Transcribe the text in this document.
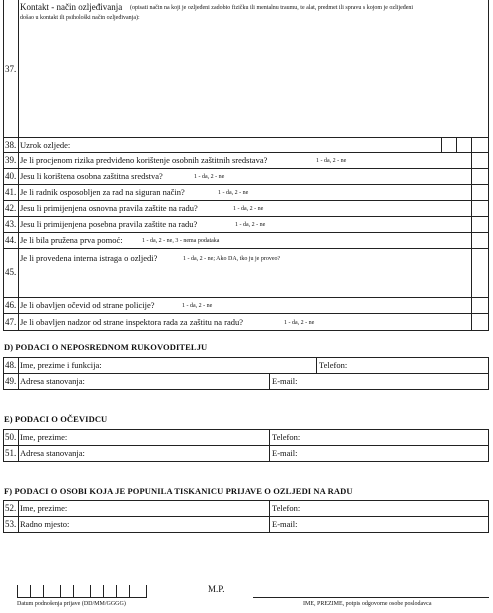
37.
Kontakt - način ozljeđivanja (opisati način na koji je ozljeđeni zadobio fizičku ili mentalnu traumu, te alat, predmet ili spravu s kojom je ozlijeđeni
došao u kontakt ili psihološki način ozljeđivanja):
38. Uzrok ozljede:
39. Je li procjenom rizika predviđeno korištenje osobnih zaštitnih sredstava?	1 - da, 2 - ne
40. Jesu li korištena osobna zaštitna sredstva?	1 - da, 2 - ne
41. Je li radnik osposobljen za rad na siguran način?	1 - da, 2 - ne
42. Jesu li primijenjena osnovna pravila zaštite na radu?	1 - da, 2 - ne
43. Jesu li primijenjena posebna pravila zaštite na radu?	1 - da, 2 - ne
44. Je li bila pružena prva pomoć:	1 - da, 2 - ne, 3 - nema podataka
45.
Je li provedena interna istraga o ozljedi?	1 - da, 2 - ne; Ako DA, tko ju je proveo?
46. Je li obavljen očevid od strane policije?	1 - da, 2 - ne
47. Je li obavljen nadzor od strane inspektora rada za zaštitu na radu?	1 - da, 2 - ne
D) PODACI O NEPOSREDNOM RUKOVODITELJU
48. Ime, prezime i funkcija:	Telefon:
49. Adresa stanovanja:	E-mail:
E) PODACI O OČEVIDCU
50. Ime, prezime:	Telefon:
51. Adresa stanovanja:	E-mail:
F) PODACI O OSOBI KOJA JE POPUNILA TISKANICU PRIJAVE O OZLJEDI NA RADU
52. Ime, prezime:	Telefon:
53. Radno mjesto:	E-mail:
Datum podnošenja prijave (DD/MM/GGGG)
M.P.
IME, PREZIME, potpis odgovorne osobe poslodavca
